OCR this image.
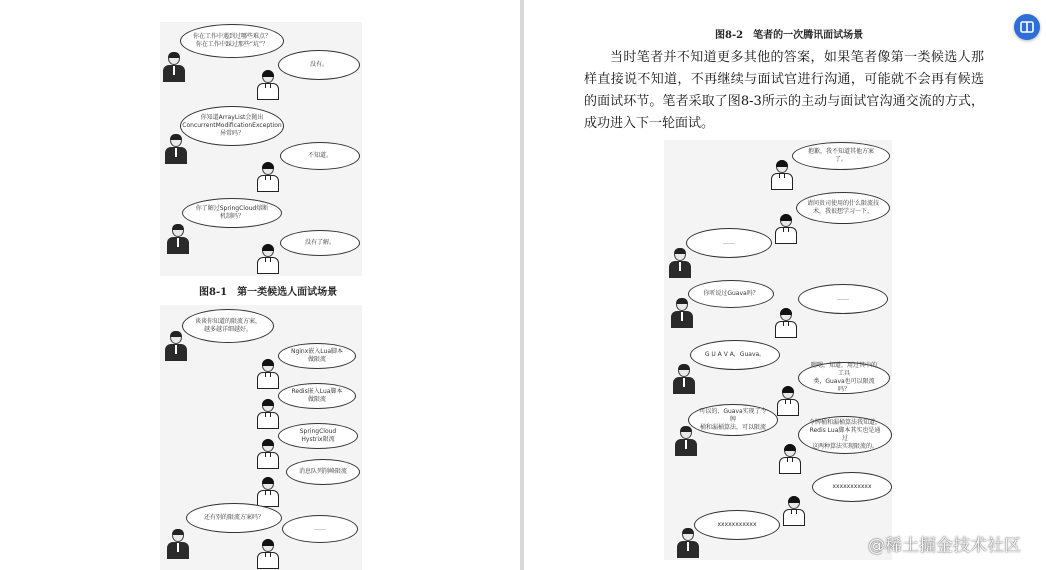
你在工作中遇到过哪些难点？
你在工作中踩过那些“坑”？
没有。
你知道ArrayList会抛出
ConcurrentModificationException
异常吗？
不知道。
你了解过SpringCloud熔断机制吗？
没有了解。
图8-1　第一类候选人面试场景
谈谈你知道的限流方案，
越多越详细越好。
Nginx嵌入Lua脚本做限流
Redis嵌入Lua脚本做限流
SpringCloud Hystrix限流
消息队列削峰限流
还有别的限流方案吗？
……
图8-2　笔者的一次腾讯面试场景
当时笔者并不知道更多其他的答案，如果笔者像第一类候选人那样直接说不知道，不再继续与面试官进行沟通，可能就不会再有候选的面试环节。笔者采取了图8-3所示的主动与面试官沟通交流的方式，成功进入下一轮面试。
抱歉，我不知道其他方案了。
请问贵司使用的什么限流技
术，我很想学习一下。
……
你听说过Guava吗？
……
G U A V A，Guava。
嗯嗯，知道，用过其中的工具
类，Guava也可以限流吗？
可以的，Guava实现了令牌
桶和漏桶算法，可以限流
令牌桶和漏桶算法我知道，
Redis Lua脚本其实也是通过
这两种算法实现限流的。
xxxxxxxxxxx
xxxxxxxxxxx
@稀土掘金技术社区
